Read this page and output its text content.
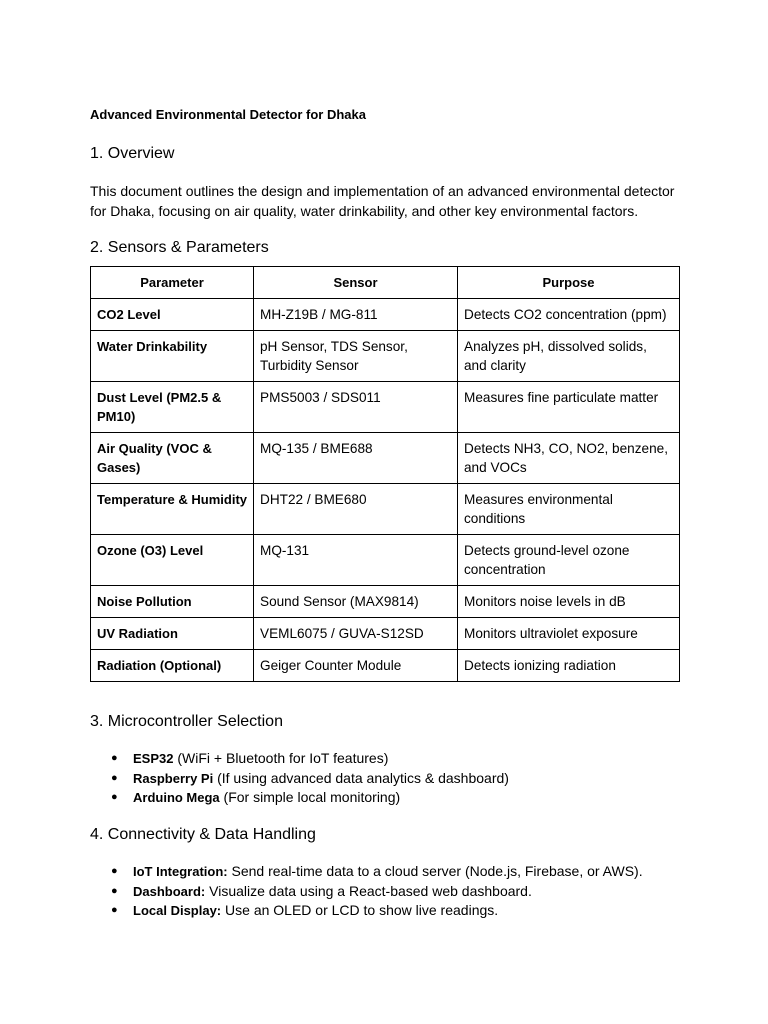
Advanced Environmental Detector for Dhaka
1. Overview
This document outlines the design and implementation of an advanced environmental detector for Dhaka, focusing on air quality, water drinkability, and other key environmental factors.
2. Sensors & Parameters
Parameter	Sensor	Purpose
CO2 Level	MH-Z19B / MG-811	Detects CO2 concentration (ppm)
Water Drinkability	pH Sensor, TDS Sensor, Turbidity Sensor	Analyzes pH, dissolved solids, and clarity
Dust Level (PM2.5 & PM10)	PMS5003 / SDS011	Measures fine particulate matter
Air Quality (VOC & Gases)	MQ-135 / BME688	Detects NH3, CO, NO2, benzene, and VOCs
Temperature & Humidity	DHT22 / BME680	Measures environmental conditions
Ozone (O3) Level	MQ-131	Detects ground-level ozone concentration
Noise Pollution	Sound Sensor (MAX9814)	Monitors noise levels in dB
UV Radiation	VEML6075 / GUVA-S12SD	Monitors ultraviolet exposure
Radiation (Optional)	Geiger Counter Module	Detects ionizing radiation
3. Microcontroller Selection
● ESP32 (WiFi + Bluetooth for IoT features)
● Raspberry Pi (If using advanced data analytics & dashboard)
● Arduino Mega (For simple local monitoring)
4. Connectivity & Data Handling
● IoT Integration: Send real-time data to a cloud server (Node.js, Firebase, or AWS).
● Dashboard: Visualize data using a React-based web dashboard.
● Local Display: Use an OLED or LCD to show live readings.
